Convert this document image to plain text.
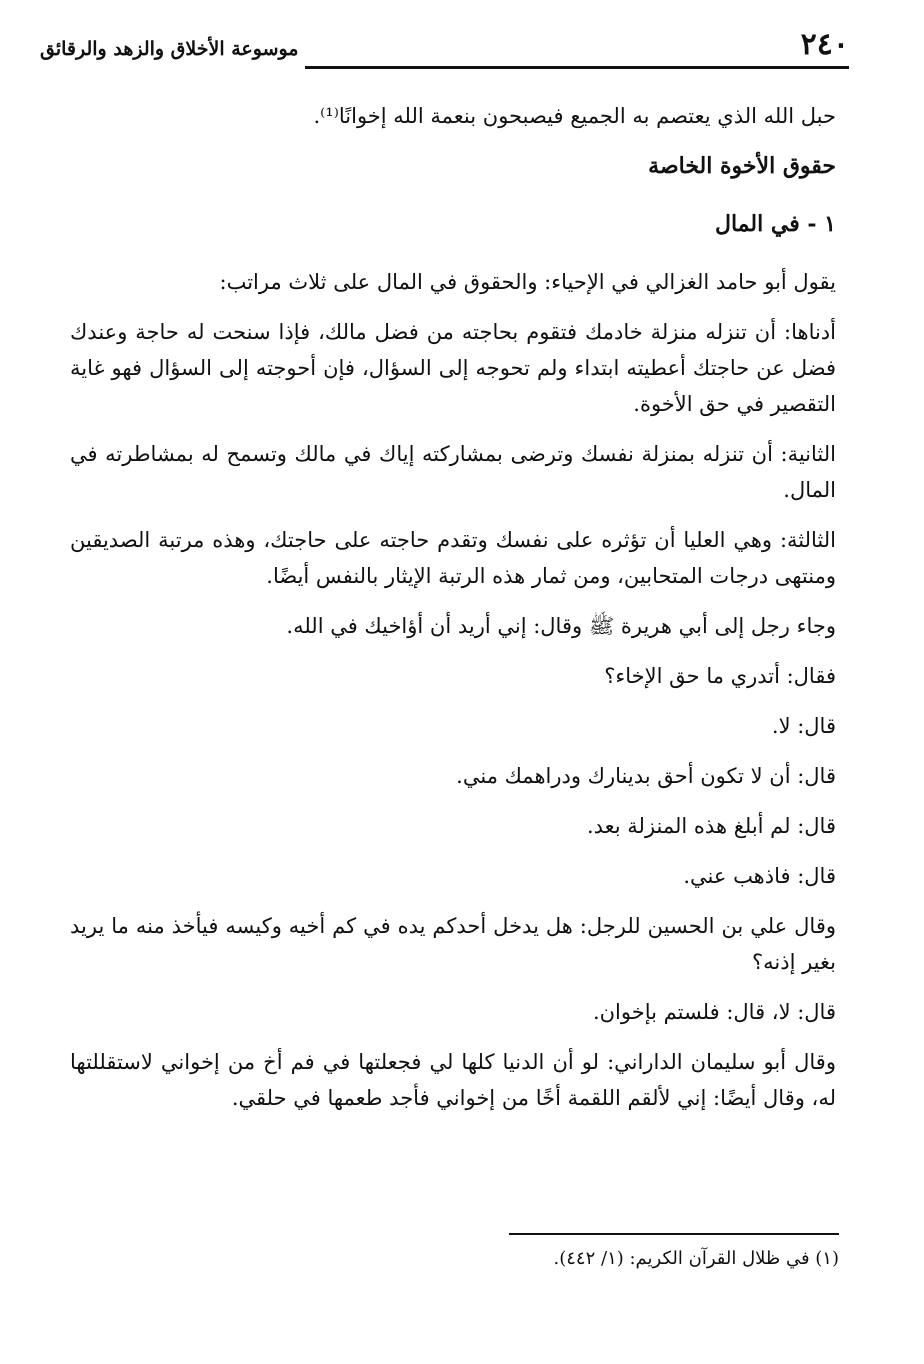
٢٤٠
موسوعة الأخلاق والزهد والرقائق

حبل الله الذي يعتصم به الجميع فيصبحون بنعمة الله إخوانًا⁽¹⁾.

حقوق الأخوة الخاصة

١ - في المال

يقول أبو حامد الغزالي في الإحياء: والحقوق في المال على ثلاث مراتب:

أدناها: أن تنزله منزلة خادمك فتقوم بحاجته من فضل مالك، فإذا سنحت له حاجة وعندك فضل عن حاجتك أعطيته ابتداء ولم تحوجه إلى السؤال، فإن أحوجته إلى السؤال فهو غاية التقصير في حق الأخوة.

الثانية: أن تنزله بمنزلة نفسك وترضى بمشاركته إياك في مالك وتسمح له بمشاطرته في المال.

الثالثة: وهي العليا أن تؤثره على نفسك وتقدم حاجته على حاجتك، وهذه مرتبة الصديقين ومنتهى درجات المتحابين، ومن ثمار هذه الرتبة الإيثار بالنفس أيضًا.

وجاء رجل إلى أبي هريرة ﷺ وقال: إني أريد أن أؤاخيك في الله.

فقال: أتدري ما حق الإخاء؟

قال: لا.

قال: أن لا تكون أحق بدينارك ودراهمك مني.

قال: لم أبلغ هذه المنزلة بعد.

قال: فاذهب عني.

وقال علي بن الحسين للرجل: هل يدخل أحدكم يده في كم أخيه وكيسه فيأخذ منه ما يريد بغير إذنه؟

قال: لا، قال: فلستم بإخوان.

وقال أبو سليمان الداراني: لو أن الدنيا كلها لي فجعلتها في فم أخ من إخواني لاستقللتها له، وقال أيضًا: إني لألقم اللقمة أخًا من إخواني فأجد طعمها في حلقي.

(١) في ظلال القرآن الكريم: (١/ ٤٤٢).
